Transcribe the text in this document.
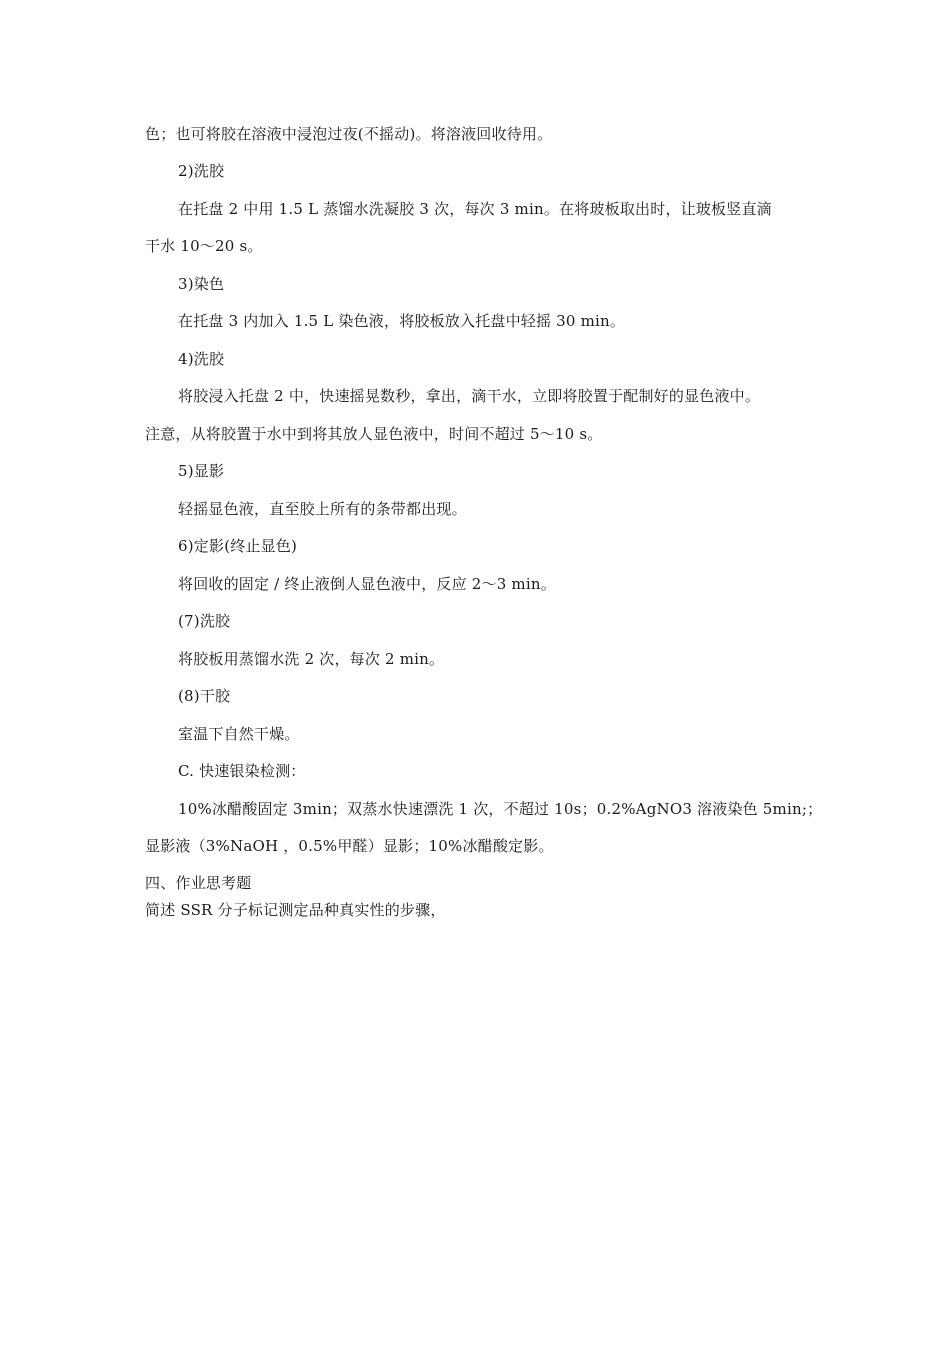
色；也可将胶在溶液中浸泡过夜(不摇动)。将溶液回收待用。
2)洗胶
在托盘 2 中用 1.5 L 蒸馏水洗凝胶 3 次，每次 3 min。在将玻板取出时，让玻板竖直滴
干水 10～20 s。
3)染色
在托盘 3 内加入 1.5 L 染色液，将胶板放入托盘中轻摇 30 min。
4)洗胶
将胶浸入托盘 2 中，快速摇晃数秒，拿出，滴干水，立即将胶置于配制好的显色液中。
注意，从将胶置于水中到将其放人显色液中，时间不超过 5～10 s。
5)显影
轻摇显色液，直至胶上所有的条带都出现。
6)定影(终止显色)
将回收的固定 / 终止液倒人显色液中，反应 2～3 min。
(7)洗胶
将胶板用蒸馏水洗 2 次，每次 2 min。
(8)干胶
室温下自然干燥。
C. 快速银染检测：
10%冰醋酸固定 3min；双蒸水快速漂洗 1 次，不超过 10s；0.2%AgNO3 溶液染色 5min;；
显影液（3%NaOH ，0.5%甲醛）显影；10%冰醋酸定影。
四、作业思考题
简述 SSR 分子标记测定品种真实性的步骤，
